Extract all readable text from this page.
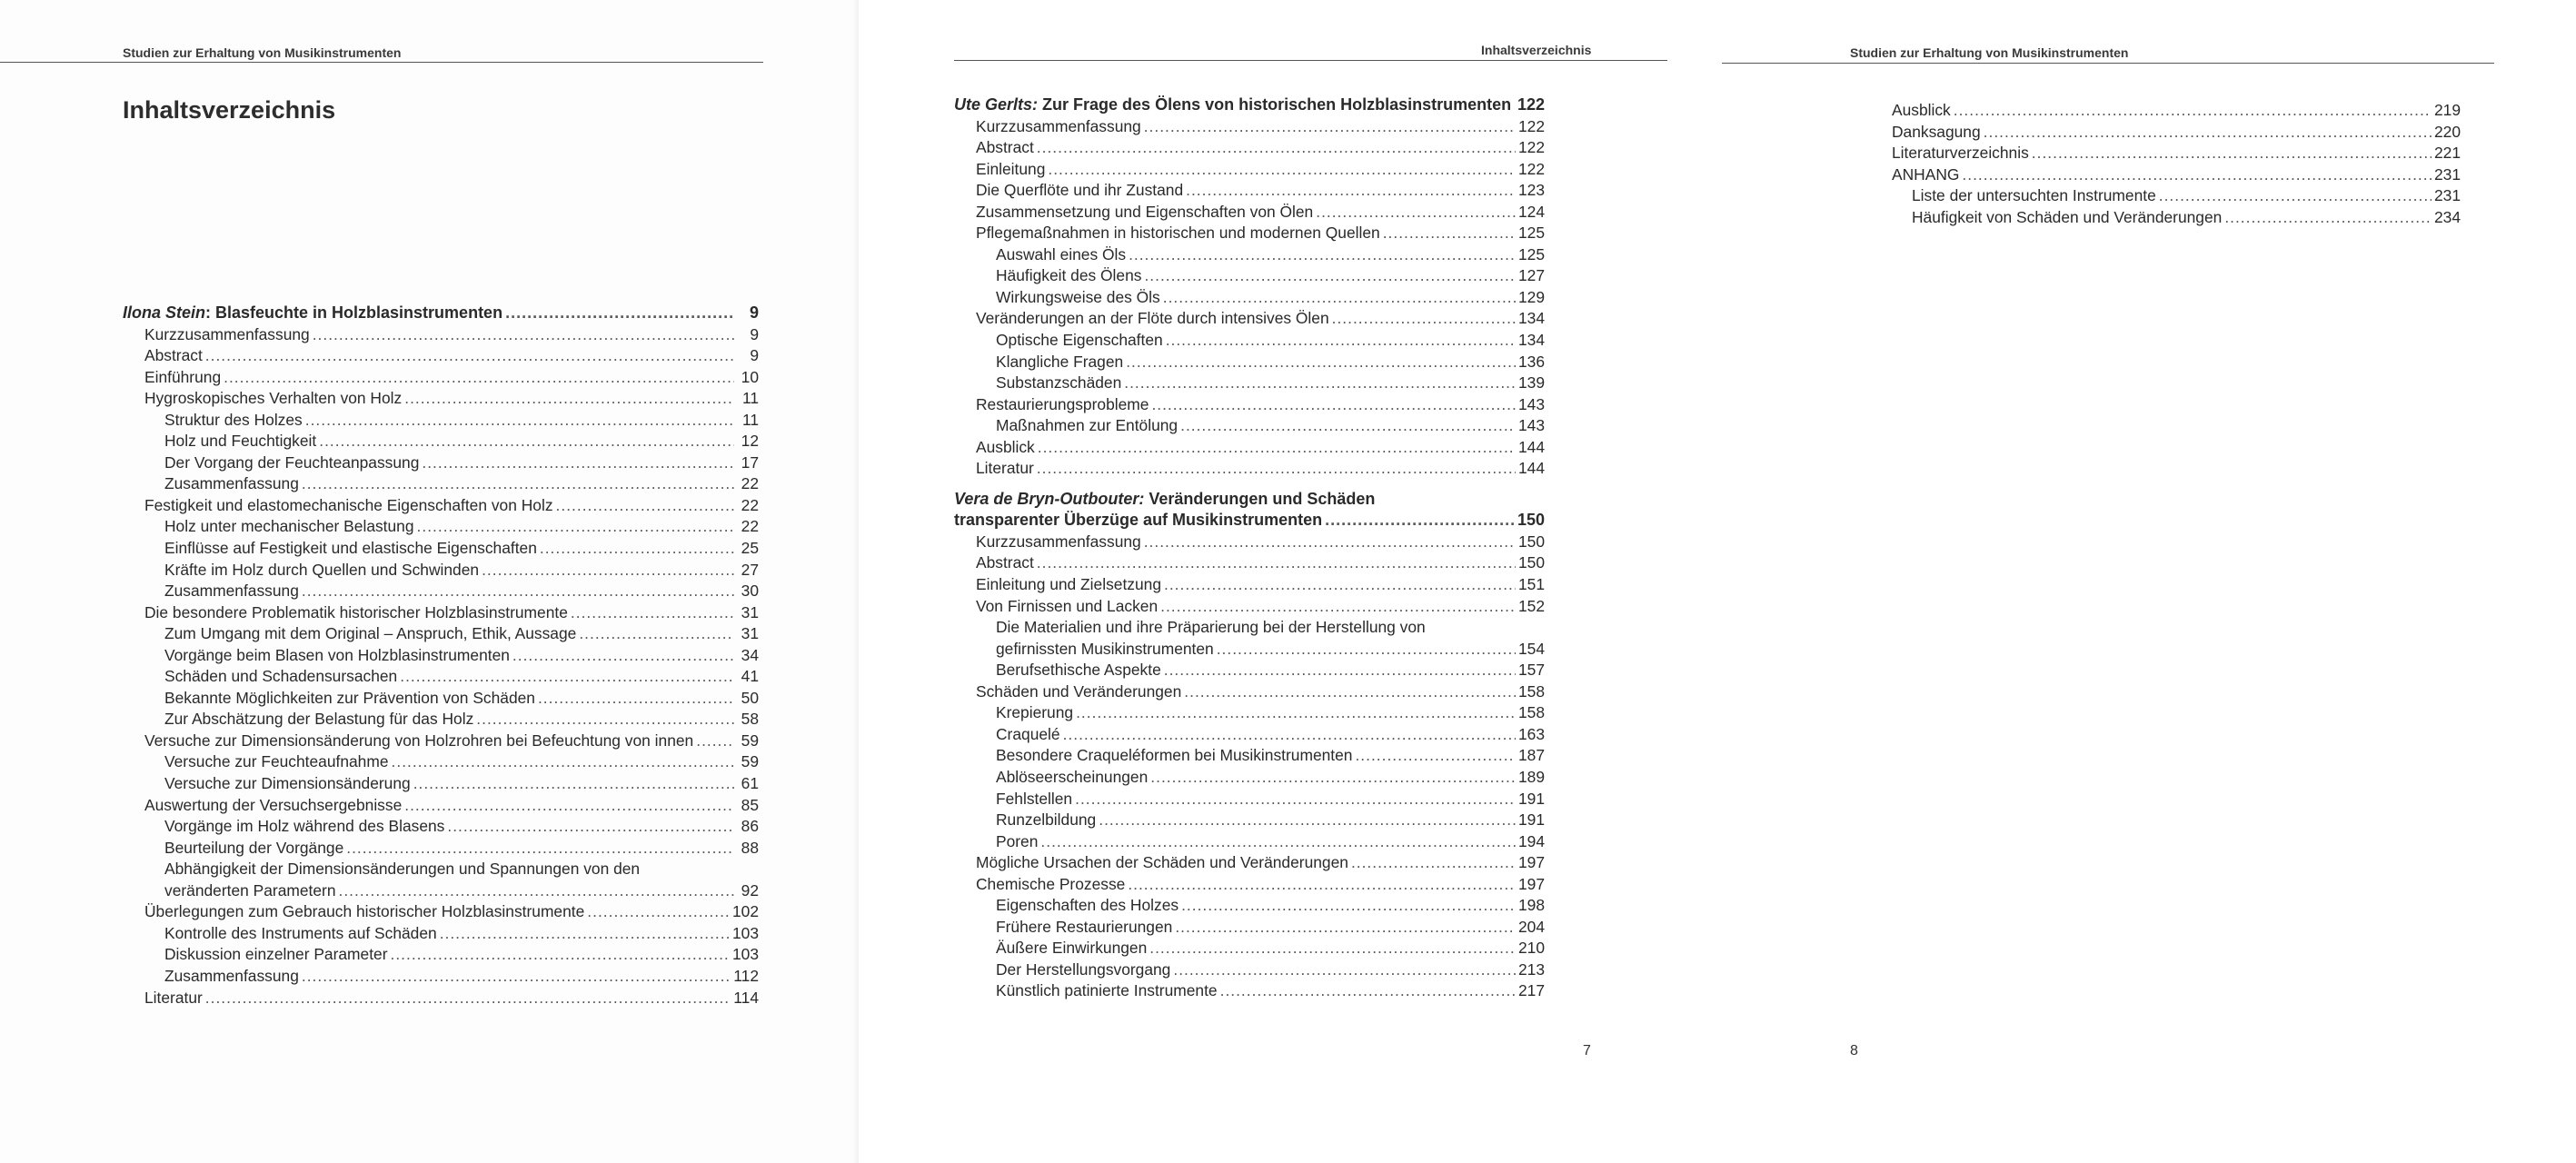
Studien zur Erhaltung von Musikinstrumenten
Inhaltsverzeichnis
Ilona Stein: Blasfeuchte in Holzblasinstrumenten .....	9
Kurzzusammenfassung .....	9
Abstract .....	9
Einführung .....	10
Hygroskopisches Verhalten von Holz .....	11
Struktur des Holzes .....	11
Holz und Feuchtigkeit .....	12
Der Vorgang der Feuchteanpassung .....	17
Zusammenfassung .....	22
Festigkeit und elastomechanische Eigenschaften von Holz .....	22
Holz unter mechanischer Belastung .....	22
Einflüsse auf Festigkeit und elastische Eigenschaften .....	25
Kräfte im Holz durch Quellen und Schwinden .....	27
Zusammenfassung .....	30
Die besondere Problematik historischer Holzblasinstrumente .....	31
Zum Umgang mit dem Original – Anspruch, Ethik, Aussage .....	31
Vorgänge beim Blasen von Holzblasinstrumenten .....	34
Schäden und Schadensursachen .....	41
Bekannte Möglichkeiten zur Prävention von Schäden .....	50
Zur Abschätzung der Belastung für das Holz .....	58
Versuche zur Dimensionsänderung von Holzrohren bei Befeuchtung von innen .....	59
Versuche zur Feuchteaufnahme .....	59
Versuche zur Dimensionsänderung .....	61
Auswertung der Versuchsergebnisse .....	85
Vorgänge im Holz während des Blasens .....	86
Beurteilung der Vorgänge .....	88
Abhängigkeit der Dimensionsänderungen und Spannungen von den
veränderten Parametern .....	92
Überlegungen zum Gebrauch historischer Holzblasinstrumente .....	102
Kontrolle des Instruments auf Schäden .....	103
Diskussion einzelner Parameter .....	103
Zusammenfassung .....	112
Literatur .....	114
Inhaltsverzeichnis
Ute Gerlts: Zur Frage des Ölens von historischen Holzblasinstrumenten ..... 122
Kurzzusammenfassung .....	122
Abstract .....	122
Einleitung .....	122
Die Querflöte und ihr Zustand .....	123
Zusammensetzung und Eigenschaften von Ölen .....	124
Pflegemaßnahmen in historischen und modernen Quellen .....	125
Auswahl eines Öls .....	125
Häufigkeit des Ölens .....	127
Wirkungsweise des Öls .....	129
Veränderungen an der Flöte durch intensives Ölen .....	134
Optische Eigenschaften .....	134
Klangliche Fragen .....	136
Substanzschäden .....	139
Restaurierungsprobleme .....	143
Maßnahmen zur Entölung .....	143
Ausblick .....	144
Literatur .....	144
Vera de Bryn-Outbouter: Veränderungen und Schäden
transparenter Überzüge auf Musikinstrumenten .....	150
Kurzzusammenfassung .....	150
Abstract .....	150
Einleitung und Zielsetzung .....	151
Von Firnissen und Lacken .....	152
Die Materialien und ihre Präparierung bei der Herstellung von
gefirnissten Musikinstrumenten .....	154
Berufsethische Aspekte .....	157
Schäden und Veränderungen .....	158
Krepierung .....	158
Craquelé .....	163
Besondere Craqueléformen bei Musikinstrumenten .....	187
Ablöseerscheinungen .....	189
Fehlstellen .....	191
Runzelbildung .....	191
Poren .....	194
Mögliche Ursachen der Schäden und Veränderungen .....	197
Chemische Prozesse .....	197
Eigenschaften des Holzes .....	198
Frühere Restaurierungen .....	204
Äußere Einwirkungen .....	210
Der Herstellungsvorgang .....	213
Künstlich patinierte Instrumente .....	217
7
Studien zur Erhaltung von Musikinstrumenten
Ausblick .....	219
Danksagung .....	220
Literaturverzeichnis .....	221
ANHANG .....	231
Liste der untersuchten Instrumente .....	231
Häufigkeit von Schäden und Veränderungen .....	234
8
